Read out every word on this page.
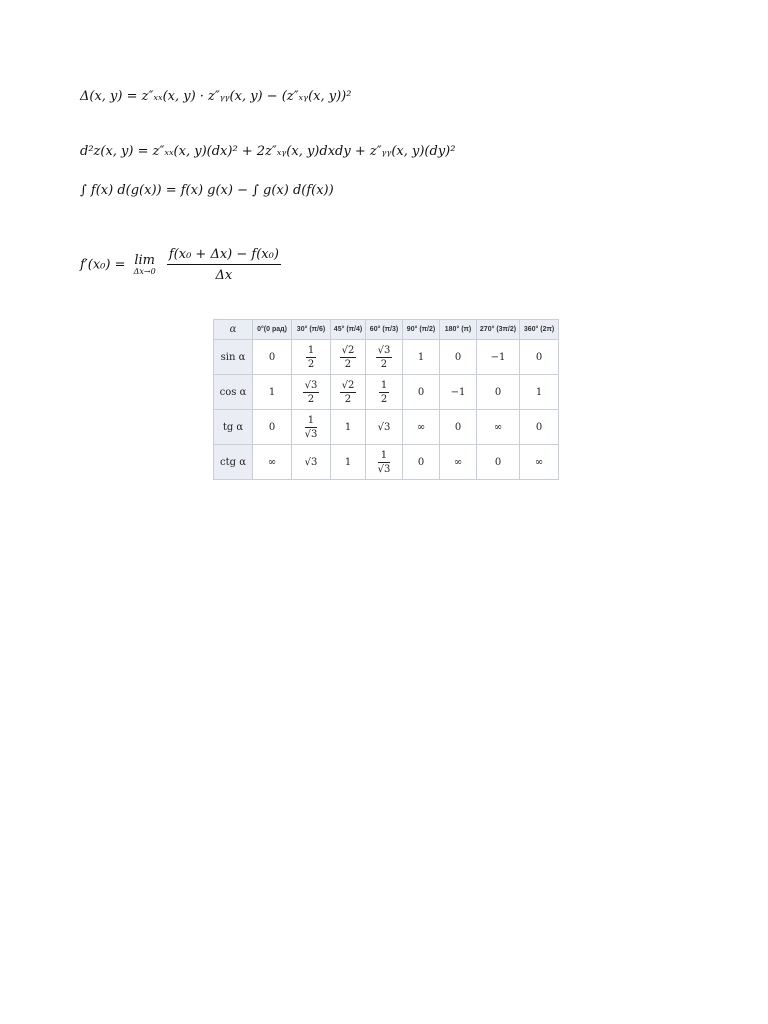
Δ(x, y) = z″ₓₓ(x, y) · z″ᵧᵧ(x, y) − (z″ₓᵧ(x, y))²
d²z(x, y) = z″ₓₓ(x, y)(dx)² + 2z″ₓᵧ(x, y)dxdy + z″ᵧᵧ(x, y)(dy)²
∫ f(x) d(g(x)) = f(x) g(x) − ∫ g(x) d(f(x))
f′(x₀) = lim
Δx→0
$\frac{\text{f(x₀ + Δx) − f(x₀)}}{\Delta x}$
α	0°(0 рад)	30° (π/6)	45° (π/4)	60° (π/3)	90° (π/2)	180° (π)	270° (3π/2)	360° (2π)
sin α	0	$\frac{1}{2}$	$\frac{√2}{2}$	$\frac{√3}{2}$	1	0	−1	0
cos α	1	$\frac{√3}{2}$	$\frac{√2}{2}$	$\frac{1}{2}$	0	−1	0	1
tg α	0	$\frac{1}{√3}$	1	√3	∞	0	∞	0
ctg α	∞	√3	1	$\frac{1}{√3}$	0	∞	0	∞
